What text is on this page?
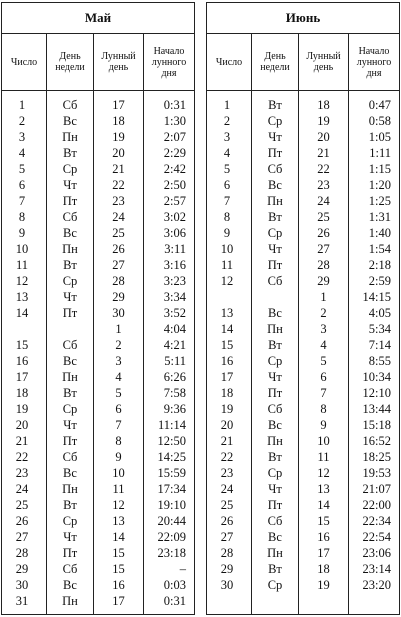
Май
Число	День
недели
Лунный
день
Начало
лунного
дня
1
2
3
4
5
6
7
8
9
10
11
12
13
14
15
16
17
18
19
20
21
22
23
24
25
26
27
28
29
30
31
Сб
Вс
Пн
Вт
Ср
Чт
Пт
Сб
Вс
Пн
Вт
Ср
Чт
Пт
Сб
Вс
Пн
Вт
Ср
Чт
Пт
Сб
Вс
Пн
Вт
Ср
Чт
Пт
Сб
Вс
Пн
17
18
19
20
21
22
23
24
25
26
27
28
29
30
1
2
3
4
5
6
7
8
9
10
11
12
13
14
15
15
16
17
0:31
1:30
2:07
2:29
2:42
2:50
2:57
3:02
3:06
3:11
3:16
3:23
3:34
3:52
4:04
4:21
5:11
6:26
7:58
9:36
11:14
12:50
14:25
15:59
17:34
19:10
20:44
22:09
23:18
–
0:03
0:31
Июнь
Число	День
недели
Лунный
день
Начало
лунного
дня
1
2
3
4
5
6
7
8
9
10
11
12
13
14
15
16
17
18
19
20
21
22
23
24
25
26
27
28
29
30
Вт
Ср
Чт
Пт
Сб
Вс
Пн
Вт
Ср
Чт
Пт
Сб
Вс
Пн
Вт
Ср
Чт
Пт
Сб
Вс
Пн
Вт
Ср
Чт
Пт
Сб
Вс
Пн
Вт
Ср
18
19
20
21
22
23
24
25
26
27
28
29
1
2
3
4
5
6
7
8
9
10
11
12
13
14
15
16
17
18
19
0:47
0:58
1:05
1:11
1:15
1:20
1:25
1:31
1:40
1:54
2:18
2:59
14:15
4:05
5:34
7:14
8:55
10:34
12:10
13:44
15:18
16:52
18:25
19:53
21:07
22:00
22:34
22:54
23:06
23:14
23:20
